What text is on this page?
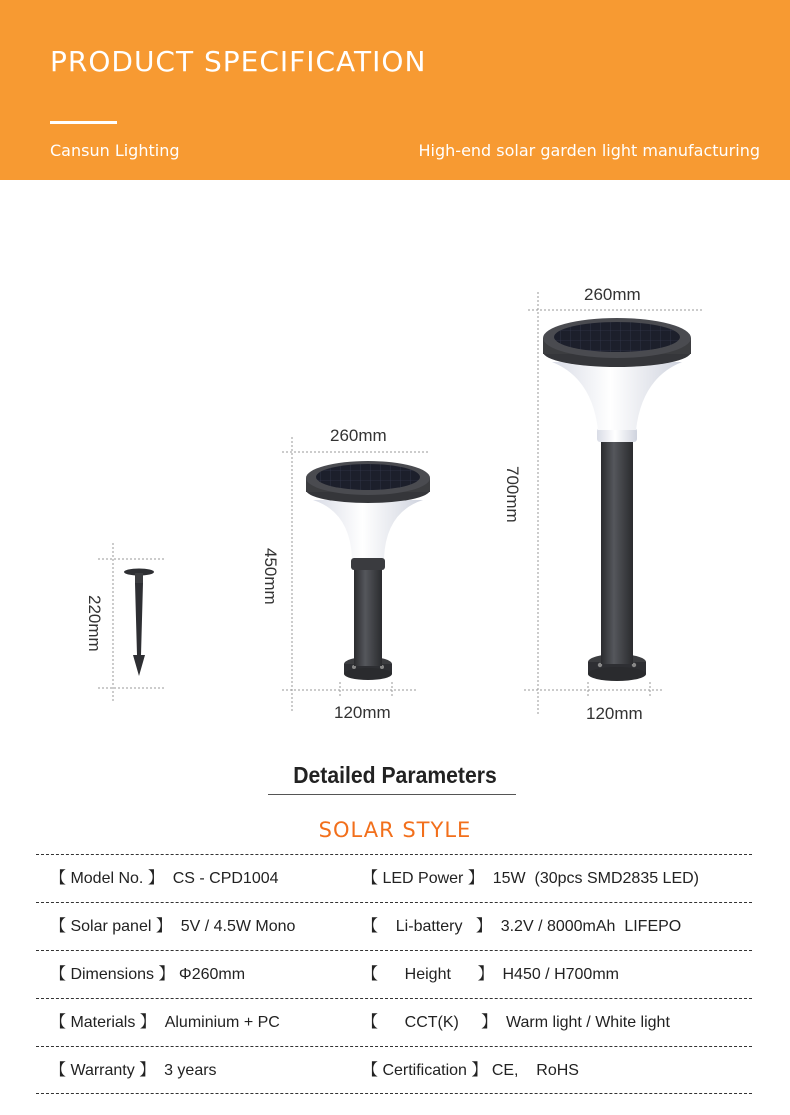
PRODUCT SPECIFICATION
Cansun Lighting	High-end solar garden light manufacturing
220mm
260mm
450mm
120mm
260mm
700mm
120mm
Detailed Parameters
SOLAR STYLE
【 Model No. 】  CS - CPD1004	【 LED Power 】  15W  (30pcs SMD2835 LED)
【 Solar panel 】  5V / 4.5W Mono	【    Li-battery   】  3.2V / 8000mAh  LIFEPO
【 Dimensions 】 Φ260mm	【      Height      】  H450 / H700mm
【 Materials 】  Aluminium + PC	【      CCT(K)     】  Warm light / White light
【 Warranty 】  3 years	【 Certification 】 CE,    RoHS
